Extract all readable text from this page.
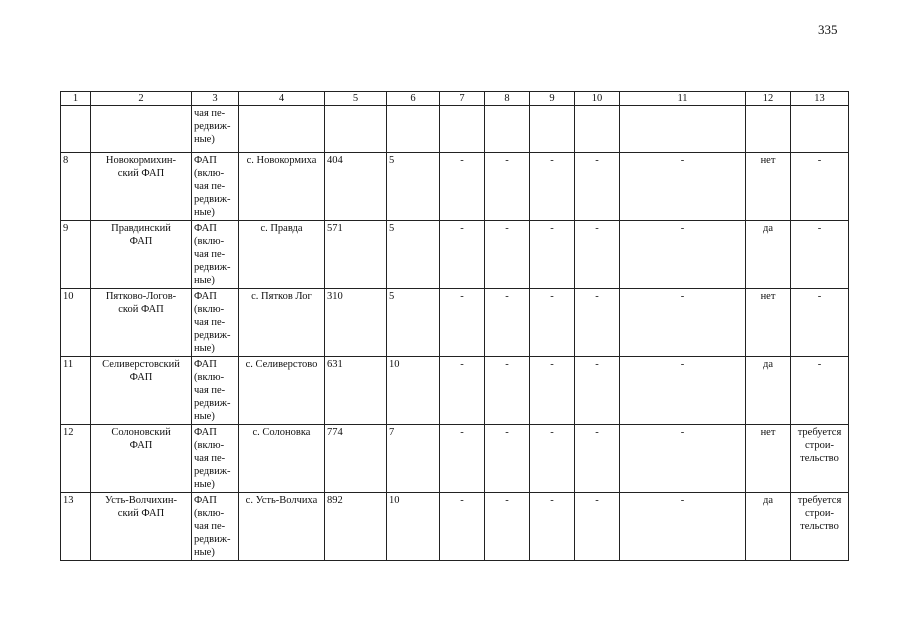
335
1	2	3	4	5	6	7	8	9	10	11	12	13

		чая пе-
редвиж-
ные)										

8	Новокормихин-
ский ФАП	ФАП
(вклю-
чая пе-
редвиж-
ные)	с. Новокормиха	404	5	-	-	-	-	-	нет	-

9	Правдинский
ФАП	ФАП
(вклю-
чая пе-
редвиж-
ные)	с. Правда	571	5	-	-	-	-	-	да	-

10	Пятково-Логов-
ской ФАП	ФАП
(вклю-
чая пе-
редвиж-
ные)	с. Пятков Лог	310	5	-	-	-	-	-	нет	-

11	Селиверстовский
ФАП	ФАП
(вклю-
чая пе-
редвиж-
ные)	с. Селиверстово	631	10	-	-	-	-	-	да	-

12	Солоновский
ФАП	ФАП
(вклю-
чая пе-
редвиж-
ные)	с. Солоновка	774	7	-	-	-	-	-	нет	требуется
строи-
тельство

13	Усть-Волчихин-
ский ФАП	ФАП
(вклю-
чая пе-
редвиж-
ные)	с. Усть-Волчиха	892	10	-	-	-	-	-	да	требуется
строи-
тельство
